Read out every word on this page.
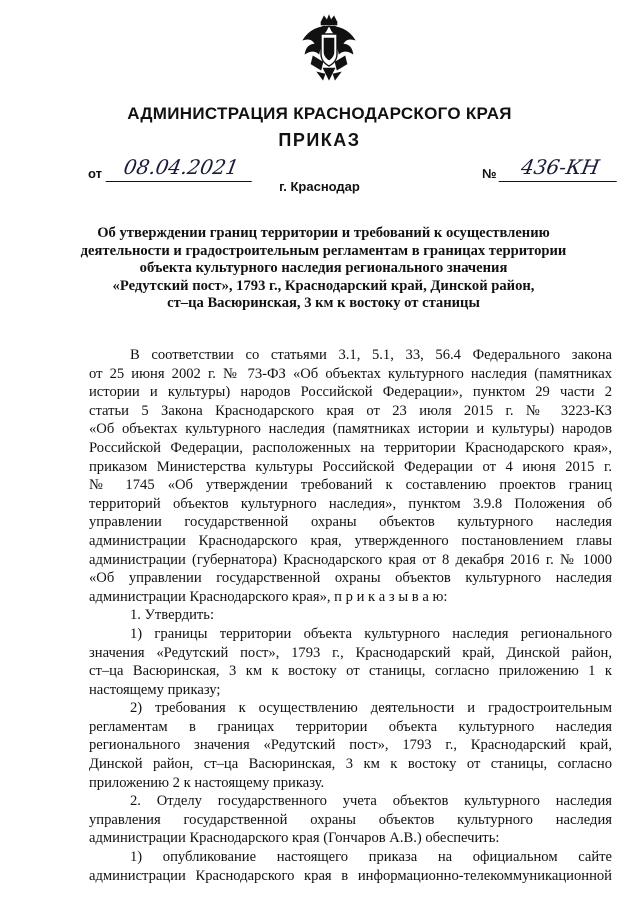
АДМИНИСТРАЦИЯ КРАСНОДАРСКОГО КРАЯ
ПРИКАЗ
от 08.04.2021	№	436-КН
г. Краснодар
Об утверждении границ территории и требований к осуществлению
деятельности и градостроительным регламентам в границах территории
объекта культурного наследия регионального значения
«Редутский пост», 1793 г., Краснодарский край, Динской район,
ст–ца Васюринская, 3 км к востоку от станицы
В соответствии со статьями 3.1, 5.1, 33, 56.4 Федерального закона
от 25 июня 2002 г. № 73-ФЗ «Об объектах культурного наследия (памятниках
истории и культуры) народов Российской Федерации», пунктом 29 части 2
статьи 5 Закона Краснодарского края от 23 июля 2015 г. № 3223-КЗ
«Об объектах культурного наследия (памятниках истории и культуры) народов
Российской Федерации, расположенных на территории Краснодарского края»,
приказом Министерства культуры Российской Федерации от 4 июня 2015 г.
№ 1745 «Об утверждении требований к составлению проектов границ
территорий объектов культурного наследия», пунктом 3.9.8 Положения об
управлении государственной охраны объектов культурного наследия
администрации Краснодарского края, утвержденного постановлением главы
администрации (губернатора) Краснодарского края от 8 декабря 2016 г. № 1000
«Об управлении государственной охраны объектов культурного наследия
администрации Краснодарского края», п р и к а з ы в а ю:
1. Утвердить:
1) границы территории объекта культурного наследия регионального
значения «Редутский пост», 1793 г., Краснодарский край, Динской район,
ст–ца Васюринская, 3 км к востоку от станицы, согласно приложению 1 к
настоящему приказу;
2) требования к осуществлению деятельности и градостроительным
регламентам в границах территории объекта культурного наследия
регионального значения «Редутский пост», 1793 г., Краснодарский край,
Динской район, ст–ца Васюринская, 3 км к востоку от станицы, согласно
приложению 2 к настоящему приказу.
2. Отделу государственного учета объектов культурного наследия
управления государственной охраны объектов культурного наследия
администрации Краснодарского края (Гончаров А.В.) обеспечить:
1) опубликование настоящего приказа на официальном сайте
администрации Краснодарского края в информационно-телекоммуникационной
